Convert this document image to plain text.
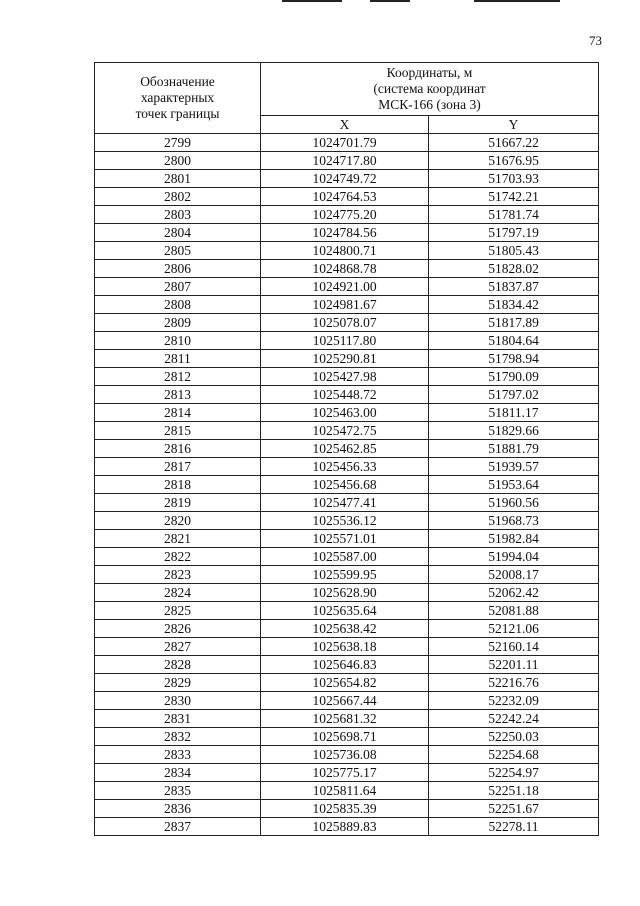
73
Обозначение
характерных
точек границы	Координаты, м
(система координат
МСК-166 (зона 3)	
	X	Y
2799	1024701.79	51667.22
2800	1024717.80	51676.95
2801	1024749.72	51703.93
2802	1024764.53	51742.21
2803	1024775.20	51781.74
2804	1024784.56	51797.19
2805	1024800.71	51805.43
2806	1024868.78	51828.02
2807	1024921.00	51837.87
2808	1024981.67	51834.42
2809	1025078.07	51817.89
2810	1025117.80	51804.64
2811	1025290.81	51798.94
2812	1025427.98	51790.09
2813	1025448.72	51797.02
2814	1025463.00	51811.17
2815	1025472.75	51829.66
2816	1025462.85	51881.79
2817	1025456.33	51939.57
2818	1025456.68	51953.64
2819	1025477.41	51960.56
2820	1025536.12	51968.73
2821	1025571.01	51982.84
2822	1025587.00	51994.04
2823	1025599.95	52008.17
2824	1025628.90	52062.42
2825	1025635.64	52081.88
2826	1025638.42	52121.06
2827	1025638.18	52160.14
2828	1025646.83	52201.11
2829	1025654.82	52216.76
2830	1025667.44	52232.09
2831	1025681.32	52242.24
2832	1025698.71	52250.03
2833	1025736.08	52254.68
2834	1025775.17	52254.97
2835	1025811.64	52251.18
2836	1025835.39	52251.67
2837	1025889.83	52278.11
